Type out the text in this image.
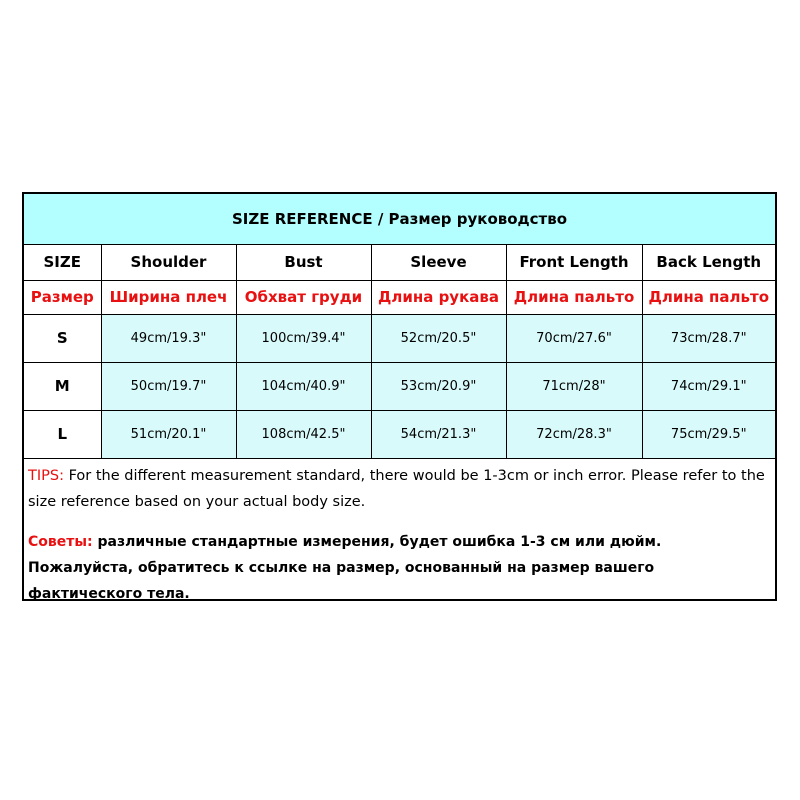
SIZE REFERENCE / Размер руководство					
SIZE	Shoulder	Bust	Sleeve	Front Length	Back Length
Размер	Ширина плеч	Обхват груди	Длина рукава	Длина пальто	Длина пальто
S	49cm/19.3"	100cm/39.4"	52cm/20.5"	70cm/27.6"	73cm/28.7"
M	50cm/19.7"	104cm/40.9"	53cm/20.9"	71cm/28"	74cm/29.1"
L	51cm/20.1"	108cm/42.5"	54cm/21.3"	72cm/28.3"	75cm/29.5"
TIPS: For the different measurement standard, there would be 1-3cm or inch error. Please refer to the size reference based on your actual body size.
Советы: различные стандартные измерения, будет ошибка 1-3 см или дюйм. Пожалуйста, обратитесь к ссылке на размер, основанный на размер вашего фактического тела.
